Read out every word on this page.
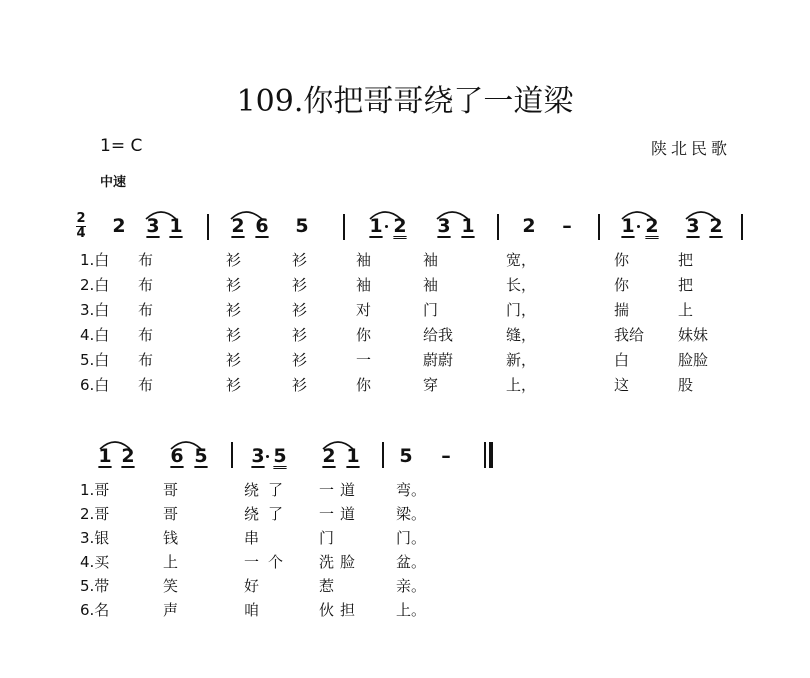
109.你把哥哥绕了一道梁
1= C	陕北民歌
中速
2
4 2 3 1	2 6 5	1 2 3 1	2 –	1 2 3 2
1.白 布	衫	衫	袖	袖	宽，	你	把
2.白 布	衫	衫	袖	袖	长，	你	把
3.白 布	衫	衫	对	门	门，	揣	上
4.白 布	衫	衫	你	给我	缝，	我给 妹妹
5.白 布	衫	衫	一	蔚蔚	新，	白	脸脸
6.白 布	衫	衫	你	穿	上，	这	股
1 2 6 5 3 5 2 1 5 –
1.哥	哥	绕 了 一 道	弯。
2.哥	哥	绕 了 一 道	梁。
3.银	钱	串	门	门。
4.买	上	一 个 洗 脸	盆。
5.带	笑	好	惹	亲。
6.名	声	咱	伙 担	上。
